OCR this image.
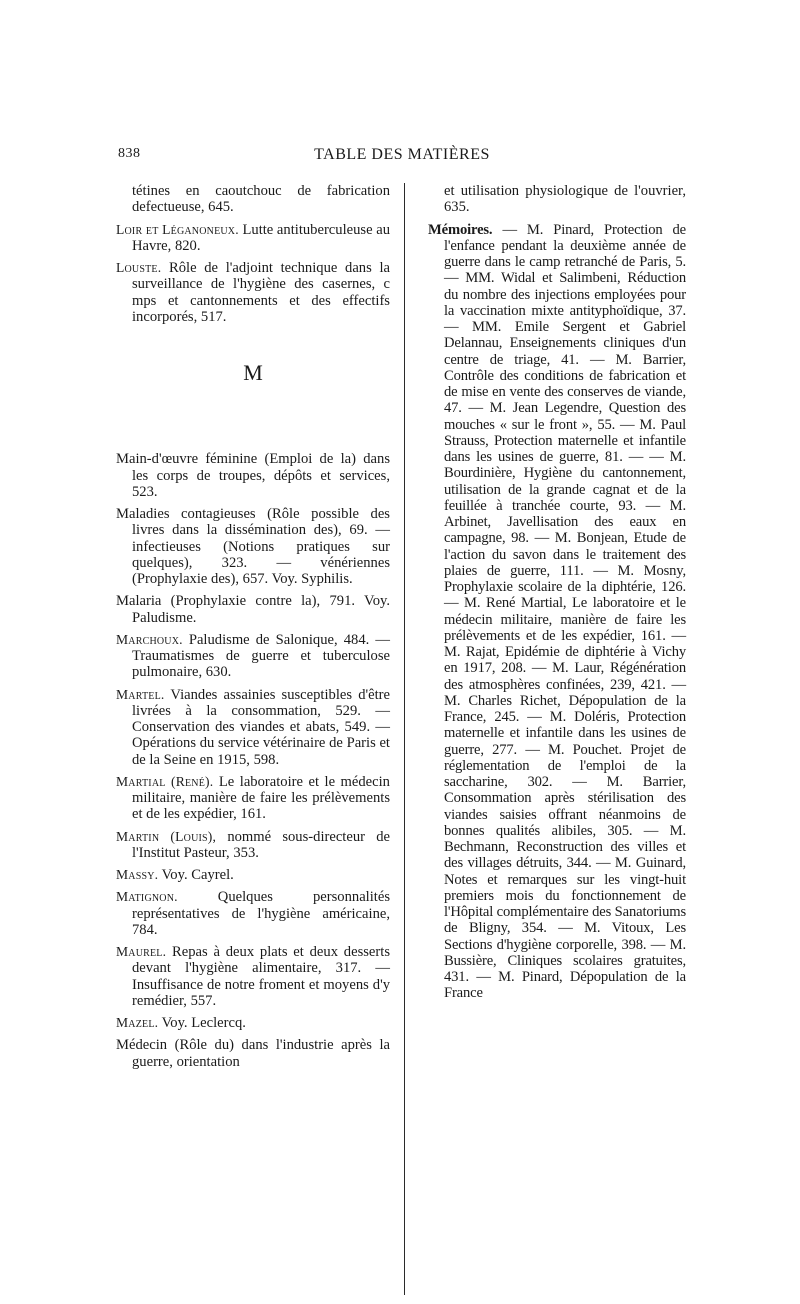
838	TABLE DES MATIÈRES

tétines en caoutchouc de fabrication defectueuse, 645.

Loir et Léganoneux. Lutte antituberculeuse au Havre, 820.

Louste. Rôle de l'adjoint technique dans la surveillance de l'hygiène des casernes, c mps et cantonnements et des effectifs incorporés, 517.

M

Main-d'œuvre féminine (Emploi de la) dans les corps de troupes, dépôts et services, 523.

Maladies contagieuses (Rôle possible des livres dans la dissémination des), 69. — infectieuses (Notions pratiques sur quelques), 323. — vénériennes (Prophylaxie des), 657. Voy. Syphilis.

Malaria (Prophylaxie contre la), 791. Voy. Paludisme.

Marchoux. Paludisme de Salonique, 484. — Traumatismes de guerre et tuberculose pulmonaire, 630.

Martel. Viandes assainies susceptibles d'être livrées à la consommation, 529. — Conservation des viandes et abats, 549. — Opérations du service vétérinaire de Paris et de la Seine en 1915, 598.

Martial (René). Le laboratoire et le médecin militaire, manière de faire les prélèvements et de les expédier, 161.

Martin (Louis), nommé sous-directeur de l'Institut Pasteur, 353.

Massy. Voy. Cayrel.

Matignon. Quelques personnalités représentatives de l'hygiène américaine, 784.

Maurel. Repas à deux plats et deux desserts devant l'hygiène alimentaire, 317. — Insuffisance de notre froment et moyens d'y remédier, 557.

Mazel. Voy. Leclercq.

Médecin (Rôle du) dans l'industrie après la guerre, orientation

et utilisation physiologique de l'ouvrier, 635.

Mémoires. — M. Pinard, Protection de l'enfance pendant la deuxième année de guerre dans le camp retranché de Paris, 5. — MM. Widal et Salimbeni, Réduction du nombre des injections employées pour la vaccination mixte antityphoïdique, 37. — MM. Emile Sergent et Gabriel Delannau, Enseignements cliniques d'un centre de triage, 41. — M. Barrier, Contrôle des conditions de fabrication et de mise en vente des conserves de viande, 47. — M. Jean Legendre, Question des mouches « sur le front », 55. — M. Paul Strauss, Protection maternelle et infantile dans les usines de guerre, 81. — — M. Bourdinière, Hygiène du cantonnement, utilisation de la grande cagnat et de la feuillée à tranchée courte, 93. — M. Arbinet, Javellisation des eaux en campagne, 98. — M. Bonjean, Etude de l'action du savon dans le traitement des plaies de guerre, 111. — M. Mosny, Prophylaxie scolaire de la diphtérie, 126. — M. René Martial, Le laboratoire et le médecin militaire, manière de faire les prélèvements et de les expédier, 161. — M. Rajat, Epidémie de diphtérie à Vichy en 1917, 208. — M. Laur, Régénération des atmosphères confinées, 239, 421. — M. Charles Richet, Dépopulation de la France, 245. — M. Doléris, Protection maternelle et infantile dans les usines de guerre, 277. — M. Pouchet. Projet de réglementation de l'emploi de la saccharine, 302. — M. Barrier, Consommation après stérilisation des viandes saisies offrant néanmoins de bonnes qualités alibiles, 305. — M. Bechmann, Reconstruction des villes et des villages détruits, 344. — M. Guinard, Notes et remarques sur les vingt-huit premiers mois du fonctionnement de l'Hôpital complémentaire des Sanatoriums de Bligny, 354. — M. Vitoux, Les Sections d'hygiène corporelle, 398. — M. Bussière, Cliniques scolaires gratuites, 431. — M. Pinard, Dépopulation de la France
